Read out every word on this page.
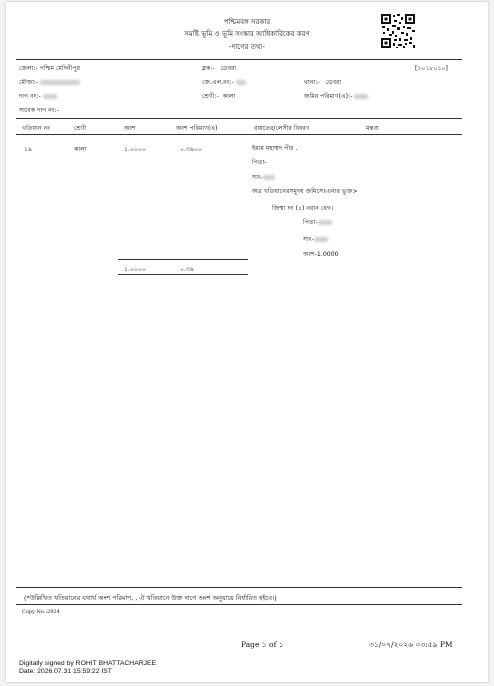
পশ্চিমবঙ্গ সরকার
সমষ্টি ভূমি ও ভূমি সংস্কার আধিকারিকের করণ
-দাগের তথ্য-
জেলা:- পশ্চিম মেদিনীপুর	ব্লক:- ডেবরা	[১০১৮০১০]
মৌজা:-	জে.এল.নং:-	থানা:- ডেবরা
দাগ নং:-	শ্রেণী:- কালা	জমির পরিমাণ(এ):-
সাবেক দাগ নং:-
খতিয়ান নং	শ্রেণী	অংশ	অংশ পরিমাণ(এ)	রায়তের/লেসীর বিবরণ	মন্তব্য
১৯	কালা	১.০০০০	০.৩৯০০	ইমাম মহাম্মদ পীর .
পিতা-
সাং-
অত্র খতিয়ানেরসমুদয় জমিসেঃএনার ভুক্ত>
জিম্মা দং (১) নরান বেগ।
পিতা-
সাং-
অংশ-1.0000
১.০০০০	০.৩৯
(*উল্লিখিত খতিয়ানের যথার্থ অংশ পরিমাণ, , ঐ খতিয়ানে উক্ত দাগে অংশ অনুযায়ে নির্ধারিত হইবে।)
Copy No.:2924
Page ১ of ১	৩১/০৭/২০২৬ ০৩:৫৯ PM
Digitally signed by ROHIT BHATTACHARJEE
Date: 2026.07.31 15:59:22 IST
